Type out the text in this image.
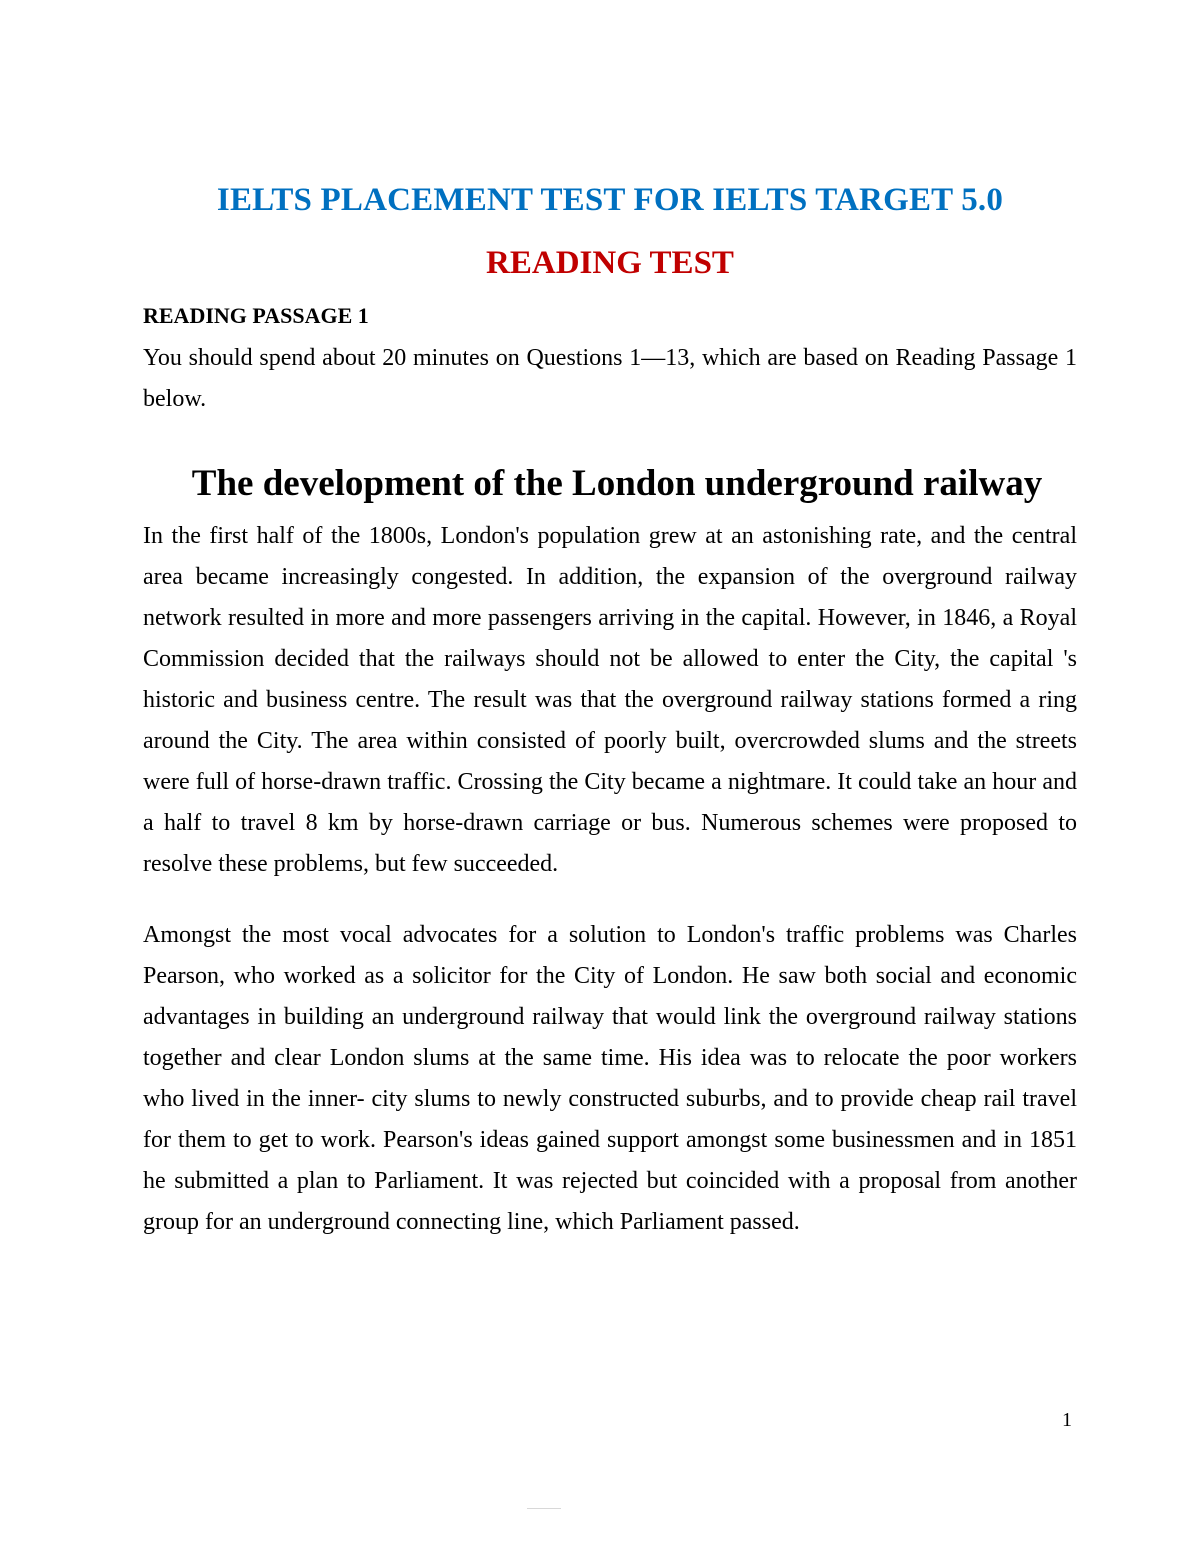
IELTS PLACEMENT TEST FOR IELTS TARGET 5.0
READING TEST
READING PASSAGE 1

You should spend about 20 minutes on Questions 1—13, which are based on Reading Passage 1 below.

The development of the London underground railway

In the first half of the 1800s, London's population grew at an astonishing rate, and the central area became increasingly congested. In addition, the expansion of the overground railway network resulted in more and more passengers arriving in the capital. However, in 1846, a Royal Commission decided that the railways should not be allowed to enter the City, the capital 's historic and business centre. The result was that the overground railway stations formed a ring around the City. The area within consisted of poorly built, overcrowded slums and the streets were full of horse-drawn traffic. Crossing the City became a nightmare. It could take an hour and a half to travel 8 km by horse-drawn carriage or bus. Numerous schemes were proposed to resolve these problems, but few succeeded.

Amongst the most vocal advocates for a solution to London's traffic problems was Charles Pearson, who worked as a solicitor for the City of London. He saw both social and economic advantages in building an underground railway that would link the overground railway stations together and clear London slums at the same time. His idea was to relocate the poor workers who lived in the inner- city slums to newly constructed suburbs, and to provide cheap rail travel for them to get to work. Pearson's ideas gained support amongst some businessmen and in 1851 he submitted a plan to Parliament. It was rejected but coincided with a proposal from another group for an underground connecting line, which Parliament passed.

1
